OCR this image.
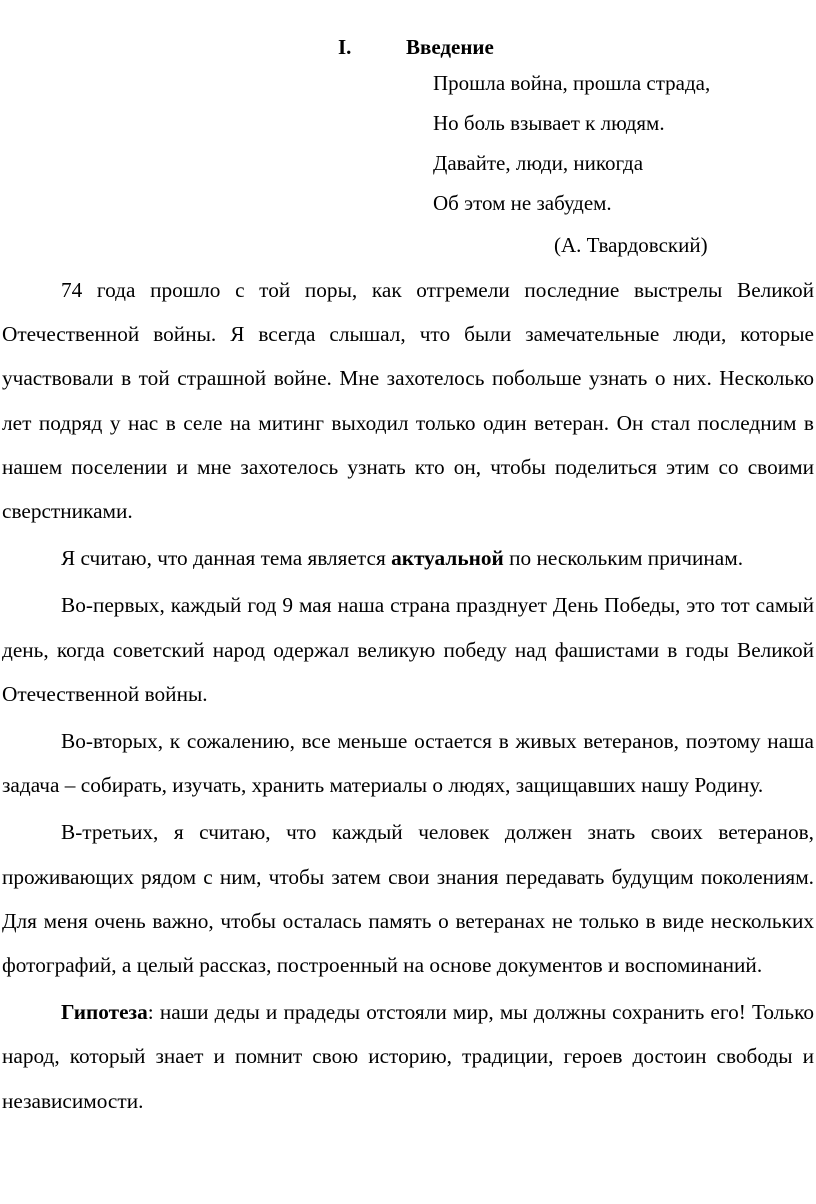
I.	Введение
Прошла война, прошла страда,
Но боль взывает к людям.
Давайте, люди, никогда
Об этом не забудем.
(А. Твардовский)

74 года прошло с той поры, как отгремели последние выстрелы Великой Отечественной войны. Я всегда слышал, что были замечательные люди, которые участвовали в той страшной войне. Мне захотелось побольше узнать о них. Несколько лет подряд у нас в селе на митинг выходил только один ветеран. Он стал последним в нашем поселении и мне захотелось узнать кто он, чтобы поделиться этим со своими сверстниками.

Я считаю, что данная тема является актуальной по нескольким причинам.

Во-первых, каждый год 9 мая наша страна празднует День Победы, это тот самый день, когда советский народ одержал великую победу над фашистами в годы Великой Отечественной войны.

Во-вторых, к сожалению, все меньше остается в живых ветеранов, поэтому наша задача – собирать, изучать, хранить материалы о людях, защищавших нашу Родину.

В-третьих, я считаю, что каждый человек должен знать своих ветеранов, проживающих рядом с ним, чтобы затем свои знания передавать будущим поколениям. Для меня очень важно, чтобы осталась память о ветеранах не только в виде нескольких фотографий, а целый рассказ, построенный на основе документов и воспоминаний.

Гипотеза: наши деды и прадеды отстояли мир, мы должны сохранить его! Только народ, который знает и помнит свою историю, традиции, героев достоин свободы и независимости.
